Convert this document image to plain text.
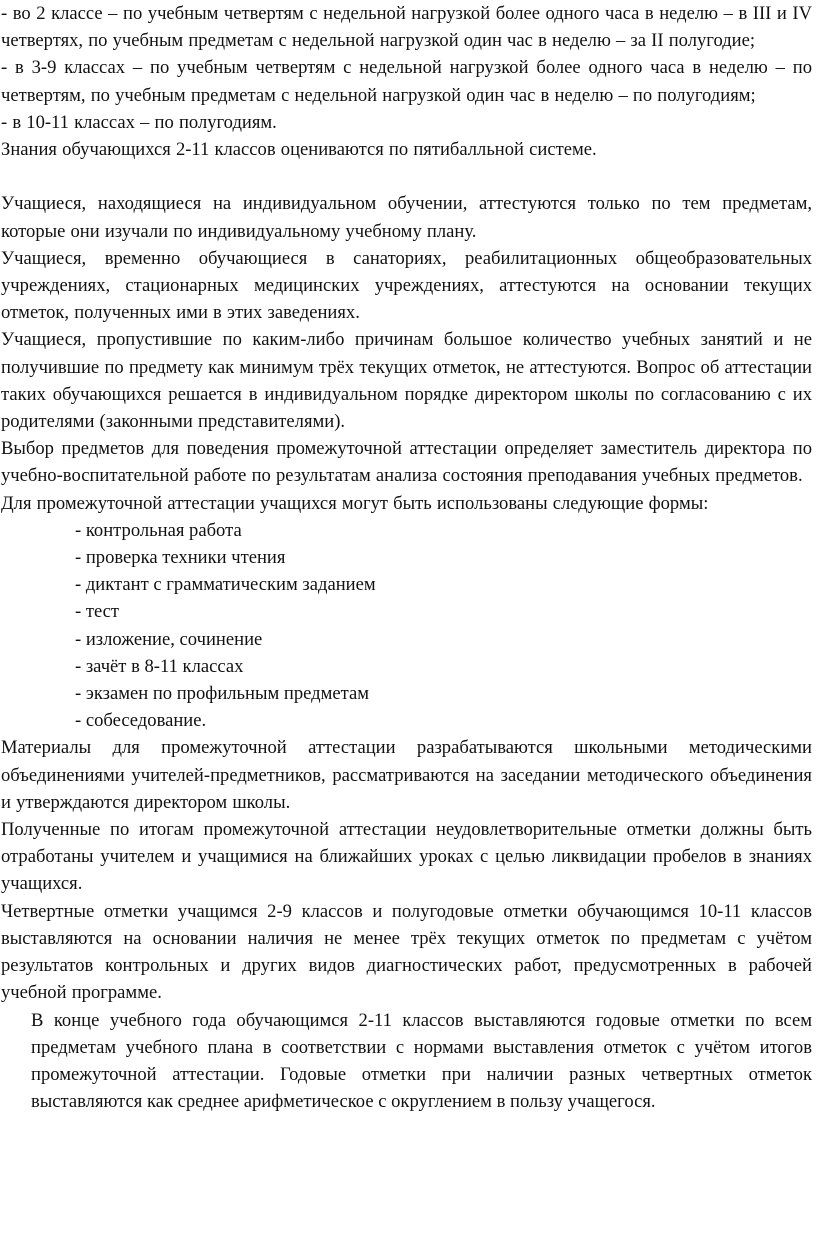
- во 2 классе – по учебным четвертям с недельной нагрузкой более одного часа в неделю – в III и IV четвертях, по учебным предметам с недельной нагрузкой один час в неделю – за II полугодие;

- в 3-9 классах – по учебным четвертям с недельной нагрузкой более одного часа в неделю – по четвертям, по учебным предметам с недельной нагрузкой один час в неделю – по полугодиям;

- в 10-11 классах – по полугодиям.

Знания обучающихся 2-11 классов оцениваются по пятибалльной системе.

Учащиеся, находящиеся на индивидуальном обучении, аттестуются только по тем предметам, которые они изучали по индивидуальному учебному плану.

Учащиеся, временно обучающиеся в санаториях, реабилитационных общеобразовательных учреждениях, стационарных медицинских учреждениях, аттестуются на основании текущих отметок, полученных ими в этих заведениях.

Учащиеся, пропустившие по каким-либо причинам большое количество учебных занятий и не получившие по предмету как минимум трёх текущих отметок, не аттестуются. Вопрос об аттестации таких обучающихся решается в индивидуальном порядке директором школы по согласованию с их родителями (законными представителями).

Выбор предметов для поведения промежуточной аттестации определяет заместитель директора по учебно-воспитательной работе по результатам анализа состояния преподавания учебных предметов.

Для промежуточной аттестации учащихся могут быть использованы следующие формы:

- контрольная работа
- проверка техники чтения
- диктант с грамматическим заданием
- тест
- изложение, сочинение
- зачёт в 8-11 классах
- экзамен по профильным предметам
- собеседование.

Материалы для промежуточной аттестации разрабатываются школьными методическими объединениями учителей-предметников, рассматриваются на заседании методического объединения и утверждаются директором школы.

Полученные по итогам промежуточной аттестации неудовлетворительные отметки должны быть отработаны учителем и учащимися на ближайших уроках с целью ликвидации пробелов в знаниях учащихся.

Четвертные отметки учащимся 2-9 классов и полугодовые отметки обучающимся 10-11 классов выставляются на основании наличия не менее трёх текущих отметок по предметам с учётом результатов контрольных и других видов диагностических работ, предусмотренных в рабочей учебной программе.

В конце учебного года обучающимся 2-11 классов выставляются годовые отметки по всем предметам учебного плана в соответствии с нормами выставления отметок с учётом итогов промежуточной аттестации. Годовые отметки при наличии разных четвертных отметок выставляются как среднее арифметическое с округлением в пользу учащегося.
